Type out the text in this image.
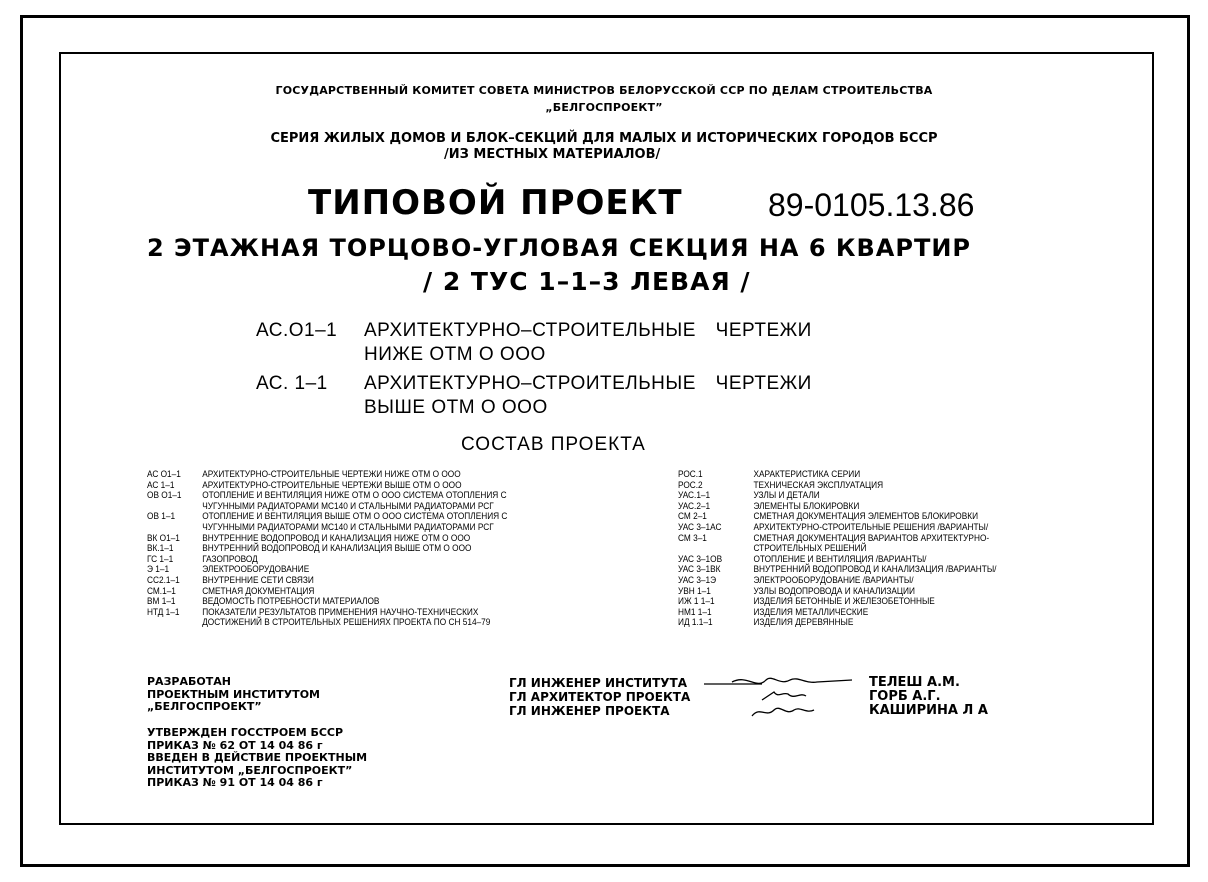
ГОСУДАРСТВЕННЫЙ КОМИТЕТ СОВЕТА МИНИСТРОВ БЕЛОРУССКОЙ ССР ПО ДЕЛАМ СТРОИТЕЛЬСТВА
„БЕЛГОСПРОЕКТ”
СЕРИЯ ЖИЛЫХ ДОМОВ И БЛОК–СЕКЦИЙ ДЛЯ МАЛЫХ И ИСТОРИЧЕСКИХ ГОРОДОВ БССР
/ИЗ МЕСТНЫХ МАТЕРИАЛОВ/
ТИПОВОЙ ПРОЕКТ	89-0105.13.86
2 ЭТАЖНАЯ ТОРЦОВО-УГЛОВАЯ СЕКЦИЯ НА 6 КВАРТИР
/ 2 ТУС 1–1–3 ЛЕВАЯ /
АС.О1–1 АРХИТЕКТУРНО–СТРОИТЕЛЬНЫЕ ЧЕРТЕЖИ
НИЖЕ ОТМ О ООО
АС. 1–1 АРХИТЕКТУРНО–СТРОИТЕЛЬНЫЕ ЧЕРТЕЖИ
ВЫШЕ ОТМ О ООО
СОСТАВ ПРОЕКТА
АС О1–1	АРХИТЕКТУРНО-СТРОИТЕЛЬНЫЕ ЧЕРТЕЖИ НИЖЕ ОТМ О ООО
АС 1–1	АРХИТЕКТУРНО-СТРОИТЕЛЬНЫЕ ЧЕРТЕЖИ ВЫШЕ ОТМ О ООО
ОВ О1–1	ОТОПЛЕНИЕ И ВЕНТИЛЯЦИЯ НИЖЕ ОТМ О ООО СИСТЕМА ОТОПЛЕНИЯ С
ЧУГУННЫМИ РАДИАТОРАМИ МС140 И СТАЛЬНЫМИ РАДИАТОРАМИ РСГ
ОВ 1–1	ОТОПЛЕНИЕ И ВЕНТИЛЯЦИЯ ВЫШЕ ОТМ О ООО СИСТЕМА ОТОПЛЕНИЯ С
ЧУГУННЫМИ РАДИАТОРАМИ МС140 И СТАЛЬНЫМИ РАДИАТОРАМИ РСГ
ВК О1–1	ВНУТРЕННИЕ ВОДОПРОВОД И КАНАЛИЗАЦИЯ НИЖЕ ОТМ О ООО
ВК.1–1	ВНУТРЕННИЙ ВОДОПРОВОД И КАНАЛИЗАЦИЯ ВЫШЕ ОТМ О ООО
ГС 1–1	ГАЗОПРОВОД
Э 1–1	ЭЛЕКТРООБОРУДОВАНИЕ
СС2.1–1	ВНУТРЕННИЕ СЕТИ СВЯЗИ
СМ.1–1	СМЕТНАЯ ДОКУМЕНТАЦИЯ
ВМ 1–1	ВЕДОМОСТЬ ПОТРЕБНОСТИ МАТЕРИАЛОВ
НТД 1–1	ПОКАЗАТЕЛИ РЕЗУЛЬТАТОВ ПРИМЕНЕНИЯ НАУЧНО-ТЕХНИЧЕСКИХ
ДОСТИЖЕНИЙ В СТРОИТЕЛЬНЫХ РЕШЕНИЯХ ПРОЕКТА ПО СН 514–79
РОС.1	ХАРАКТЕРИСТИКА СЕРИИ
РОС.2	ТЕХНИЧЕСКАЯ ЭКСПЛУАТАЦИЯ
УАС.1–1	УЗЛЫ И ДЕТАЛИ
УАС.2–1	ЭЛЕМЕНТЫ БЛОКИРОВКИ
СМ 2–1	СМЕТНАЯ ДОКУМЕНТАЦИЯ ЭЛЕМЕНТОВ БЛОКИРОВКИ
УАС 3–1АС	АРХИТЕКТУРНО-СТРОИТЕЛЬНЫЕ РЕШЕНИЯ /ВАРИАНТЫ/
СМ 3–1	СМЕТНАЯ ДОКУМЕНТАЦИЯ ВАРИАНТОВ АРХИТЕКТУРНО-
СТРОИТЕЛЬНЫХ РЕШЕНИЙ
УАС 3–1ОВ	ОТОПЛЕНИЕ И ВЕНТИЛЯЦИЯ /ВАРИАНТЫ/
УАС 3–1ВК	ВНУТРЕННИЙ ВОДОПРОВОД И КАНАЛИЗАЦИЯ /ВАРИАНТЫ/
УАС 3–1Э	ЭЛЕКТРООБОРУДОВАНИЕ /ВАРИАНТЫ/
УВН 1–1	УЗЛЫ ВОДОПРОВОДА И КАНАЛИЗАЦИИ
ИЖ 1 1–1	ИЗДЕЛИЯ БЕТОННЫЕ И ЖЕЛЕЗОБЕТОННЫЕ
НМ1 1–1	ИЗДЕЛИЯ МЕТАЛЛИЧЕСКИЕ
ИД 1.1–1	ИЗДЕЛИЯ ДЕРЕВЯННЫЕ
РАЗРАБОТАН
ПРОЕКТНЫМ ИНСТИТУТОМ
„БЕЛГОСПРОЕКТ”
УТВЕРЖДЕН ГОССТРОЕМ БССР
ПРИКАЗ № 62 ОТ 14 04 86 г
ВВЕДЕН В ДЕЙСТВИЕ ПРОЕКТНЫМ
ИНСТИТУТОМ „БЕЛГОСПРОЕКТ”
ПРИКАЗ № 91 ОТ 14 04 86 г
ГЛ ИНЖЕНЕР ИНСТИТУТА
ГЛ АРХИТЕКТОР ПРОЕКТА
ГЛ ИНЖЕНЕР ПРОЕКТА
ТЕЛЕШ А.М.
ГОРБ А.Г.
КАШИРИНА Л А
